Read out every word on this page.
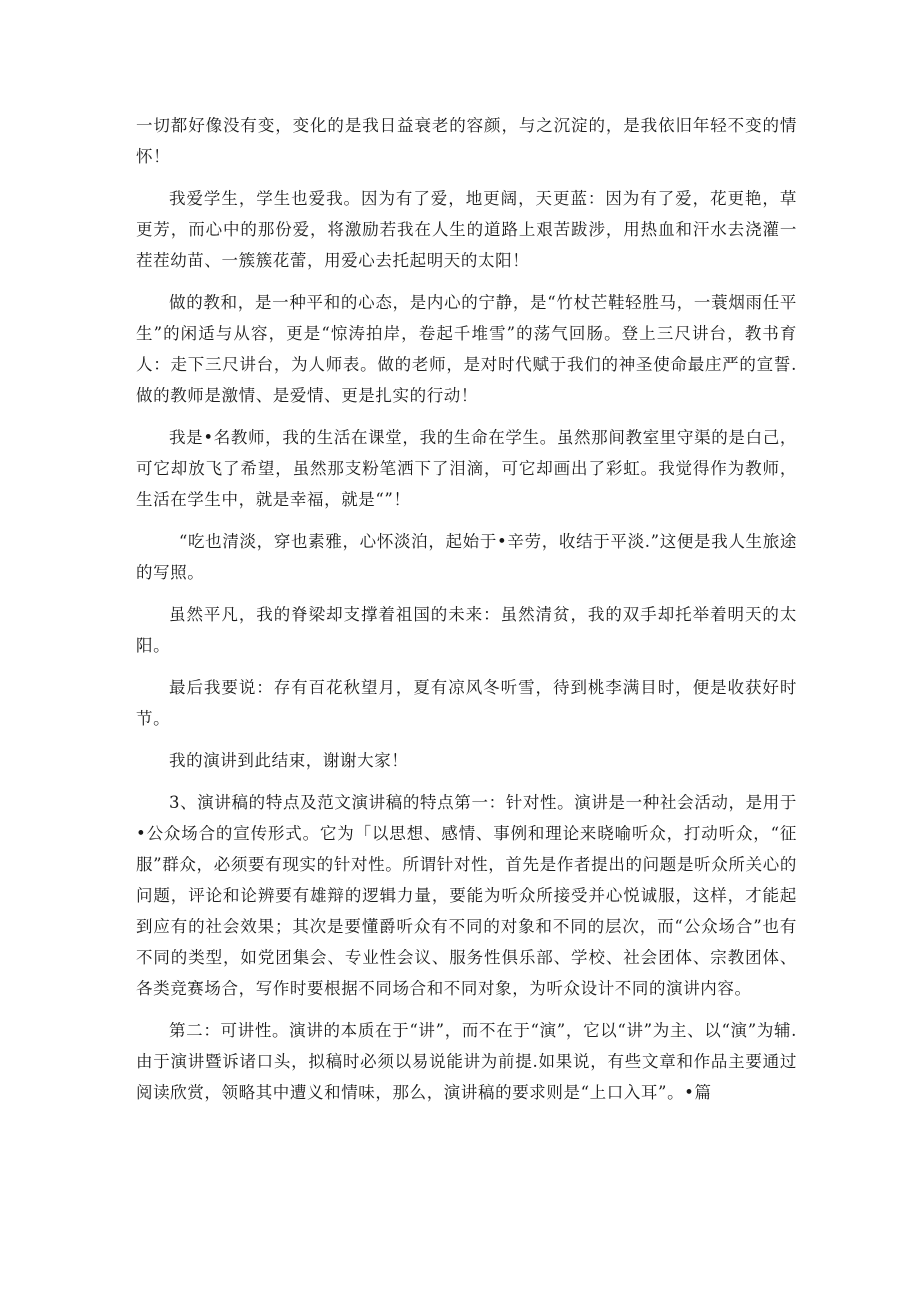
一切都好像没有变，变化的是我日益衰老的容颜，与之沉淀的，是我依旧年轻不变的情怀！

我爱学生，学生也爱我。因为有了爱，地更阔，天更蓝：因为有了爱，花更艳，草更芳，而心中的那份爱，将激励若我在人生的道路上艰苦跋涉，用热血和汗水去浇灌一茬茬幼苗、一簇簇花蕾，用爱心去托起明天的太阳！

做的教和，是一种平和的心态，是内心的宁静，是“竹杖芒鞋轻胜马，一蓑烟雨任平生”的闲适与从容，更是“惊涛拍岸，卷起千堆雪”的荡气回肠。登上三尺讲台，教书育人：走下三尺讲台，为人师表。做的老师，是对时代赋于我们的神圣使命最庄严的宣誓.做的教师是激情、是爱情、更是扎实的行动！

我是•名教师，我的生活在课堂，我的生命在学生。虽然那间教室里守渠的是白己，可它却放飞了希望，虽然那支粉笔洒下了泪滴，可它却画出了彩虹。我觉得作为教师，生活在学生中，就是幸福，就是“”！

“吃也清淡，穿也素雅，心怀淡泊，起始于•辛劳，收结于平淡.”这便是我人生旅途的写照。

虽然平凡，我的脊梁却支撑着祖国的未来：虽然清贫，我的双手却托举着明天的太阳。

最后我要说：存有百花秋望月，夏有凉风冬听雪，待到桃李满目时，便是收获好时节。

我的演讲到此结束，谢谢大家！

3、演讲稿的特点及范文演讲稿的特点第一：针对性。演讲是一种社会活动，是用于•公众场合的宣传形式。它为「以思想、感情、事例和理论来晓喻听众，打动听众，“征服”群众，必须要有现实的针对性。所谓针对性，首先是作者提出的问题是听众所关心的问题，评论和论辨要有雄辩的逻辑力量，要能为听众所接受并心悦诚服，这样，才能起到应有的社会效果；其次是要懂爵听众有不同的对象和不同的层次，而“公众场合”也有不同的类型，如党团集会、专业性会议、服务性俱乐部、学校、社会团体、宗教团体、各类竞赛场合，写作时要根据不同场合和不同对象，为听众设计不同的演讲内容。

第二：可讲性。演讲的本质在于“讲”，而不在于“演”，它以“讲”为主、以“演”为辅.由于演讲暨诉诸口头，拟稿时必须以易说能讲为前提.如果说，有些文章和作品主要通过阅读欣赏，领略其中遭义和情味，那么，演讲稿的要求则是“上口入耳”。•篇
